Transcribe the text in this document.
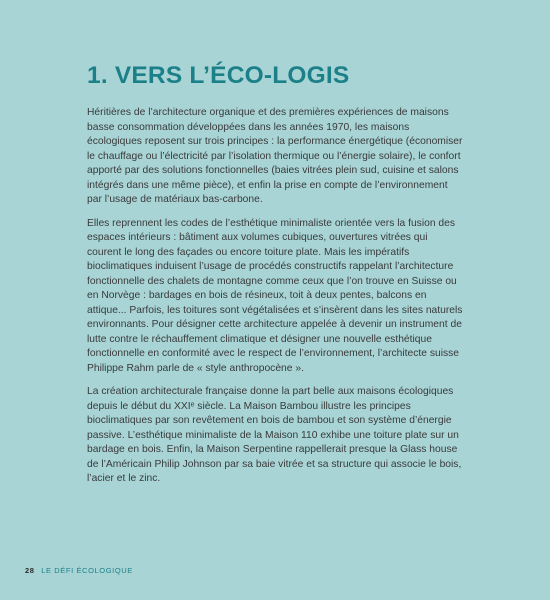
1. VERS L’ÉCO-LOGIS

Héritières de l’architecture organique et des premières expériences de maisons basse consommation développées dans les années 1970, les maisons écologiques reposent sur trois principes : la performance énergétique (économiser le chauffage ou l’électricité par l’isolation thermique ou l’énergie solaire), le confort apporté par des solutions fonctionnelles (baies vitrées plein sud, cuisine et salons intégrés dans une même pièce), et enfin la prise en compte de l’environnement par l’usage de matériaux bas-carbone.

Elles reprennent les codes de l’esthétique minimaliste orientée vers la fusion des espaces intérieurs : bâtiment aux volumes cubiques, ouvertures vitrées qui courent le long des façades ou encore toiture plate. Mais les impératifs bioclimatiques induisent l’usage de procédés constructifs rappelant l’architecture fonctionnelle des chalets de montagne comme ceux que l’on trouve en Suisse ou en Norvège : bardages en bois de résineux, toit à deux pentes, balcons en attique... Parfois, les toitures sont végétalisées et s’insèrent dans les sites naturels environnants. Pour désigner cette architecture appelée à devenir un instrument de lutte contre le réchauffement climatique et désigner une nouvelle esthétique fonctionnelle en conformité avec le respect de l’environnement, l’architecte suisse Philippe Rahm parle de « style anthropocène ».

La création architecturale française donne la part belle aux maisons écologiques depuis le début du XXIᵉ siècle. La Maison Bambou illustre les principes bioclimatiques par son revêtement en bois de bambou et son système d’énergie passive. L’esthétique minimaliste de la Maison 110 exhibe une toiture plate sur un bardage en bois. Enfin, la Maison Serpentine rappellerait presque la Glass house de l’Américain Philip Johnson par sa baie vitrée et sa structure qui associe le bois, l’acier et le zinc.

28 LE DÉFI ÉCOLOGIQUE
